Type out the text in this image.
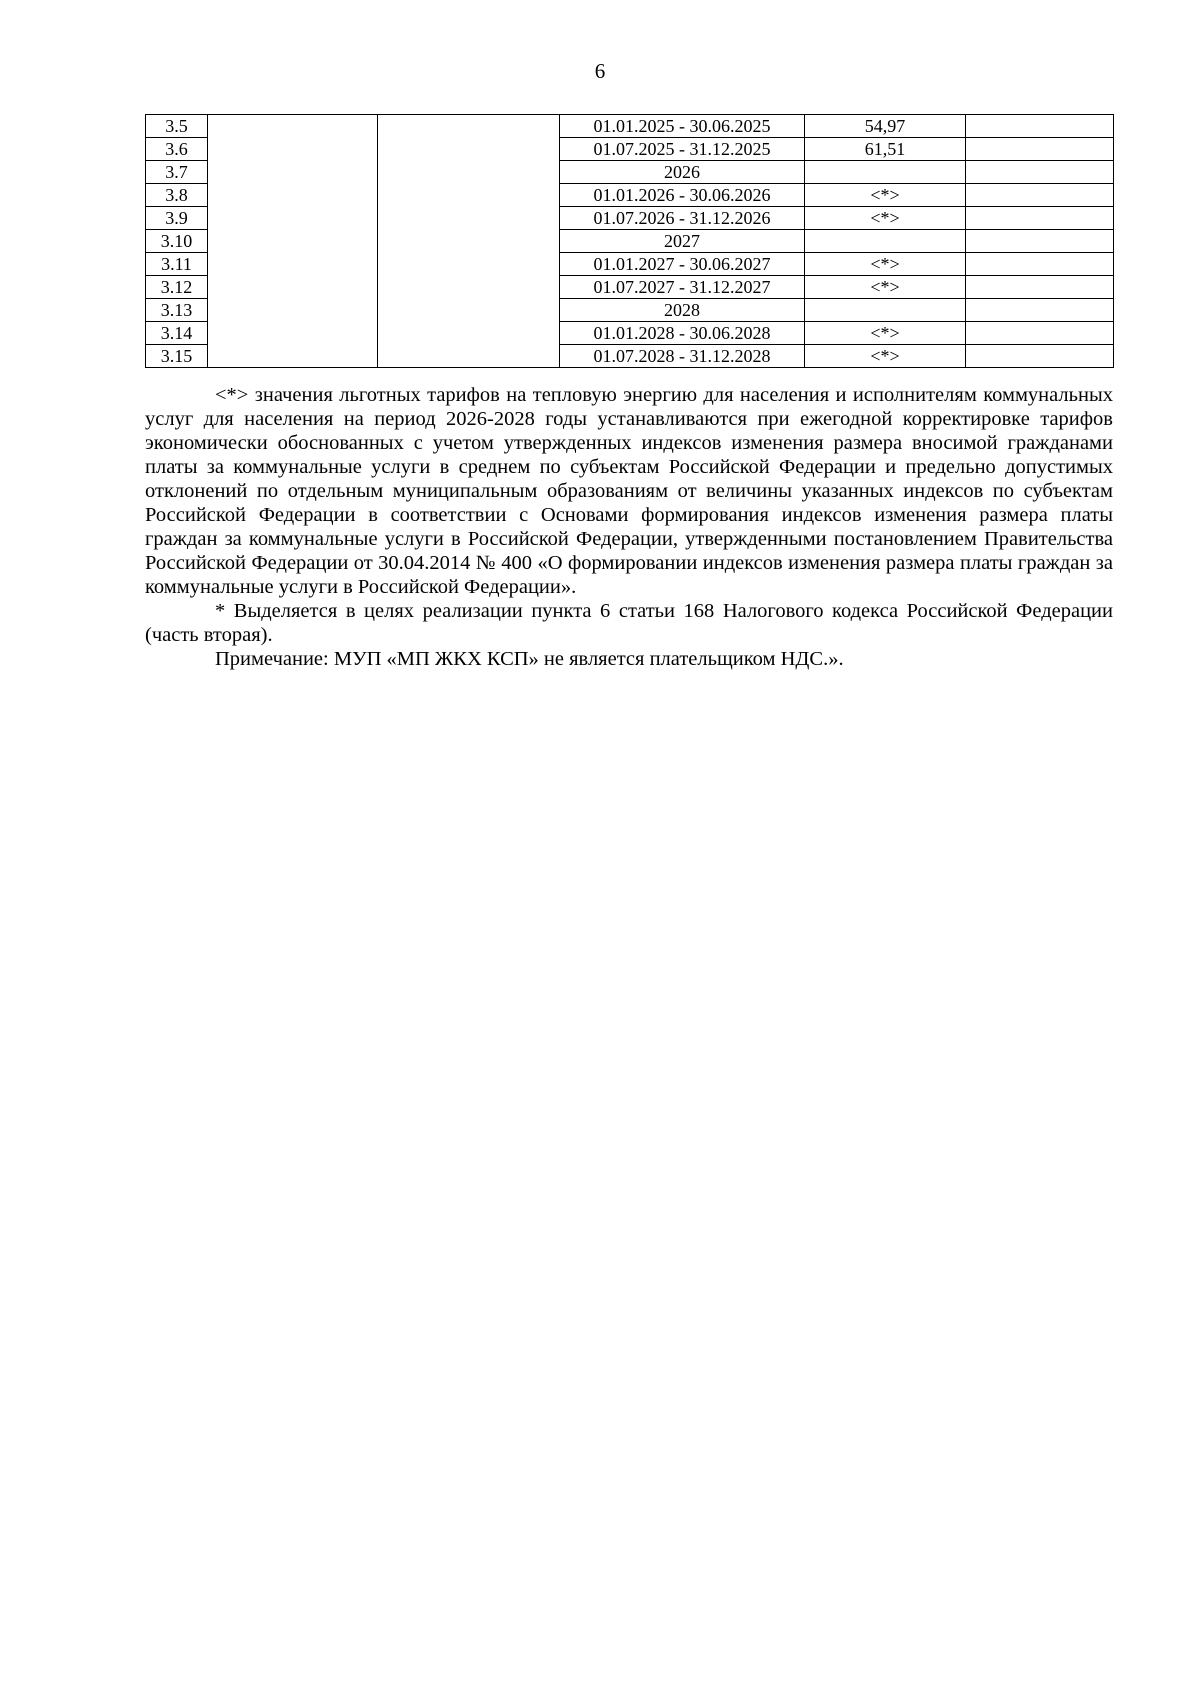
6
3.5			01.01.2025 - 30.06.2025	54,97	
3.6			01.07.2025 - 31.12.2025	61,51	
3.7			2026		
3.8			01.01.2026 - 30.06.2026	<*>	
3.9			01.07.2026 - 31.12.2026	<*>	
3.10			2027		
3.11			01.01.2027 - 30.06.2027	<*>	
3.12			01.07.2027 - 31.12.2027	<*>	
3.13			2028		
3.14			01.01.2028 - 30.06.2028	<*>	
3.15			01.07.2028 - 31.12.2028	<*>	

<*> значения льготных тарифов на тепловую энергию для населения и исполнителям коммунальных услуг для населения на период 2026-2028 годы устанавливаются при ежегодной корректировке тарифов экономически обоснованных с учетом утвержденных индексов изменения размера вносимой гражданами платы за коммунальные услуги в среднем по субъектам Российской Федерации и предельно допустимых отклонений по отдельным муниципальным образованиям от величины указанных индексов по субъектам Российской Федерации в соответствии с Основами формирования индексов изменения размера платы граждан за коммунальные услуги в Российской Федерации, утвержденными постановлением Правительства Российской Федерации от 30.04.2014 № 400 «О формировании индексов изменения размера платы граждан за коммунальные услуги в Российской Федерации».

* Выделяется в целях реализации пункта 6 статьи 168 Налогового кодекса Российской Федерации (часть вторая).

Примечание: МУП «МП ЖКХ КСП» не является плательщиком НДС.».
